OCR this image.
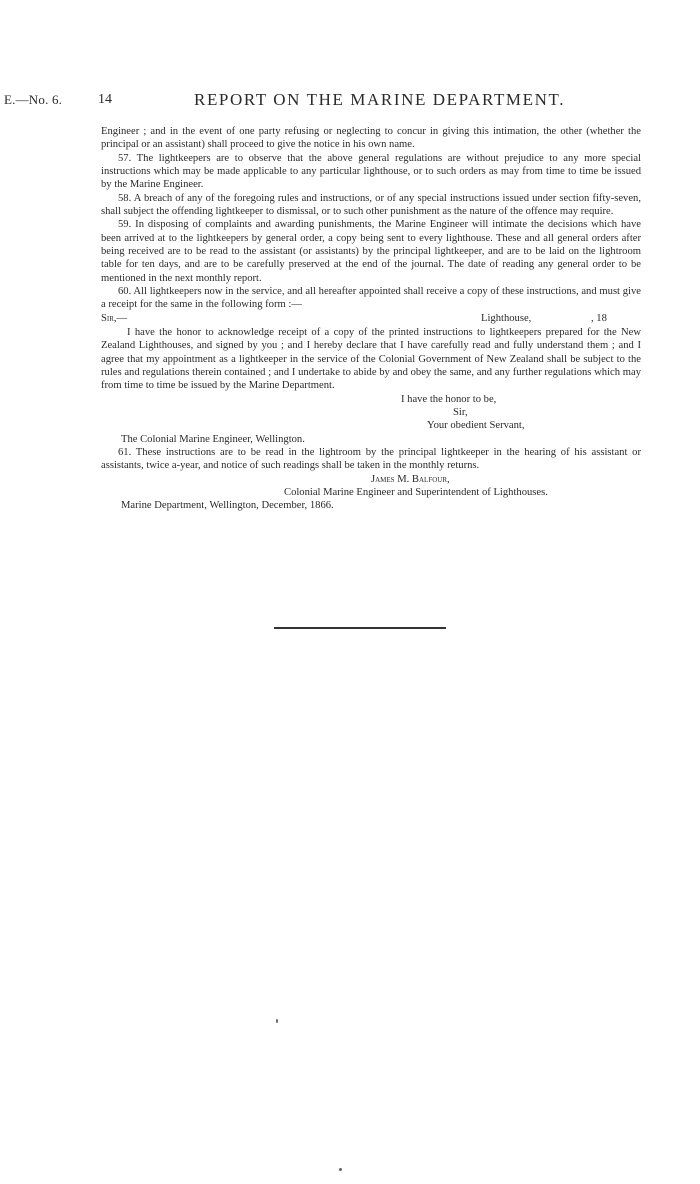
E.—No. 6.	14	REPORT ON THE MARINE DEPARTMENT.

Engineer ; and in the event of one party refusing or neglecting to concur in giving this intimation, the other (whether the principal or an assistant) shall proceed to give the notice in his own name.

57. The lightkeepers are to observe that the above general regulations are without prejudice to any more special instructions which may be made applicable to any particular lighthouse, or to such orders as may from time to time be issued by the Marine Engineer.

58. A breach of any of the foregoing rules and instructions, or of any special instructions issued under section fifty-seven, shall subject the offending lightkeeper to dismissal, or to such other punishment as the nature of the offence may require.

59. In disposing of complaints and awarding punishments, the Marine Engineer will intimate the decisions which have been arrived at to the lightkeepers by general order, a copy being sent to every lighthouse. These and all general orders after being received are to be read to the assistant (or assistants) by the principal lightkeeper, and are to be laid on the lightroom table for ten days, and are to be carefully preserved at the end of the journal. The date of reading any general order to be mentioned in the next monthly report.

60. All lightkeepers now in the service, and all hereafter appointed shall receive a copy of these instructions, and must give a receipt for the same in the following form :—

Sir,—	Lighthouse,	, 18

I have the honor to acknowledge receipt of a copy of the printed instructions to lightkeepers prepared for the New Zealand Lighthouses, and signed by you ; and I hereby declare that I have carefully read and fully understand them ; and I agree that my appointment as a lightkeeper in the service of the Colonial Government of New Zealand shall be subject to the rules and regulations therein contained ; and I undertake to abide by and obey the same, and any further regulations which may from time to time be issued by the Marine Department.

I have the honor to be,

Sir,

Your obedient Servant,

The Colonial Marine Engineer, Wellington.

61. These instructions are to be read in the lightroom by the principal lightkeeper in the hearing of his assistant or assistants, twice a-year, and notice of such readings shall be taken in the monthly returns.

James M. Balfour,

Colonial Marine Engineer and Superintendent of Lighthouses.

Marine Department, Wellington, December, 1866.
